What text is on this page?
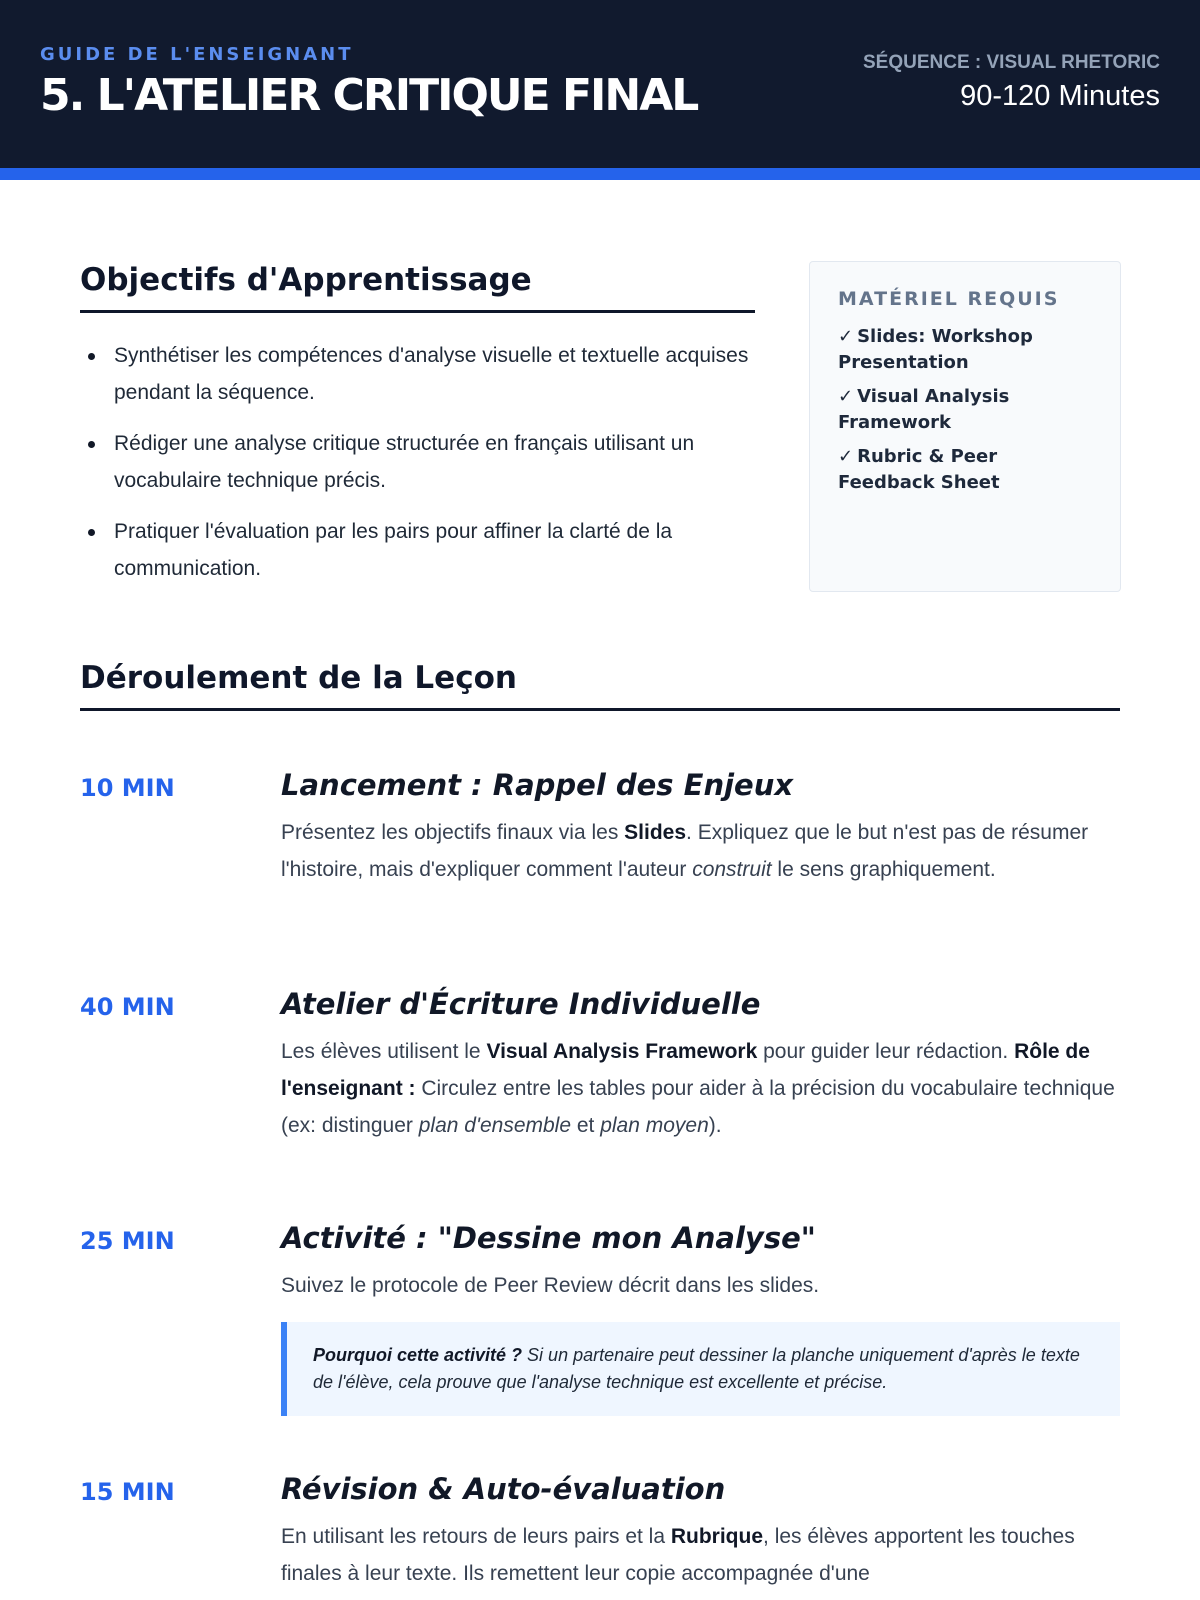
GUIDE DE L'ENSEIGNANT
5. L'ATELIER CRITIQUE FINAL
SÉQUENCE : VISUAL RHETORIC
90-120 Minutes
Objectifs d'Apprentissage
Synthétiser les compétences d'analyse visuelle et textuelle acquises pendant la séquence.
Rédiger une analyse critique structurée en français utilisant un vocabulaire technique précis.
Pratiquer l'évaluation par les pairs pour affiner la clarté de la communication.
MATÉRIEL REQUIS
✓ Slides: Workshop Presentation
✓ Visual Analysis Framework
✓ Rubric & Peer Feedback Sheet
Déroulement de la Leçon
10 MIN	Lancement : Rappel des Enjeux

Présentez les objectifs finaux via les Slides. Expliquez que le but n'est pas de résumer l'histoire, mais d'expliquer comment l'auteur construit le sens graphiquement.

40 MIN	Atelier d'Écriture Individuelle

Les élèves utilisent le Visual Analysis Framework pour guider leur rédaction. Rôle de l'enseignant : Circulez entre les tables pour aider à la précision du vocabulaire technique (ex: distinguer plan d'ensemble et plan moyen).

25 MIN	Activité : "Dessine mon Analyse"

Suivez le protocole de Peer Review décrit dans les slides.

Pourquoi cette activité ? Si un partenaire peut dessiner la planche uniquement d'après le texte de l'élève, cela prouve que l'analyse technique est excellente et précise.
15 MIN	Révision & Auto-évaluation

En utilisant les retours de leurs pairs et la Rubrique, les élèves apportent les touches finales à leur texte. Ils remettent leur copie accompagnée d'une
